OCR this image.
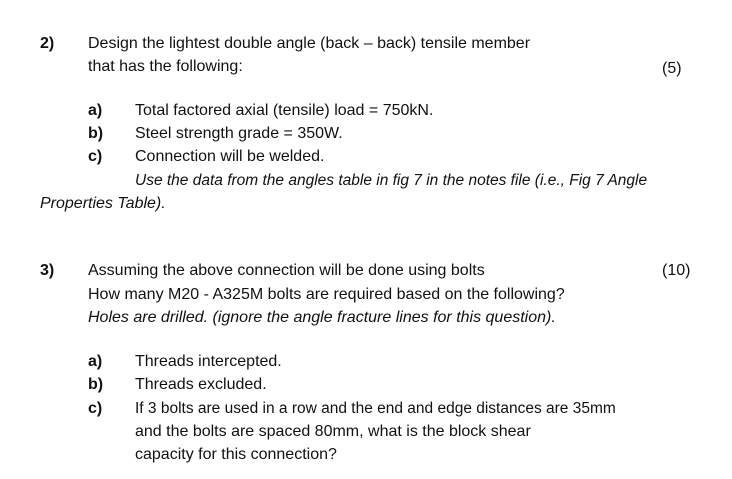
2) Design the lightest double angle (back – back) tensile member
that has the following:	(5)
a) Total factored axial (tensile) load = 750kN.
b) Steel strength grade = 350W.
c) Connection will be welded.
Use the data from the angles table in fig 7 in the notes file (i.e., Fig 7 Angle
Properties Table).
3) Assuming the above connection will be done using bolts	(10)
How many M20 - A325M bolts are required based on the following?
Holes are drilled. (ignore the angle fracture lines for this question).
a) Threads intercepted.
b) Threads excluded.
c) If 3 bolts are used in a row and the end and edge distances are 35mm
and the bolts are spaced 80mm, what is the block shear
capacity for this connection?
